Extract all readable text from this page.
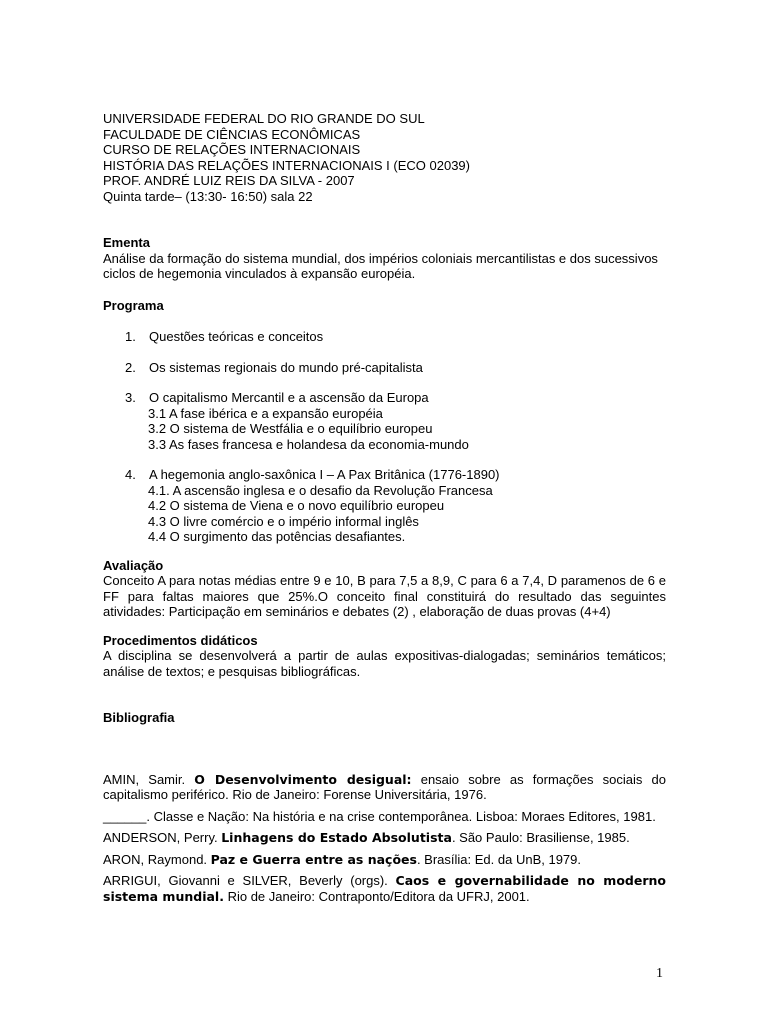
UNIVERSIDADE FEDERAL DO RIO GRANDE DO SUL
FACULDADE DE CIÊNCIAS ECONÔMICAS
CURSO DE RELAÇÕES INTERNACIONAIS
HISTÓRIA DAS RELAÇÕES INTERNACIONAIS I (ECO 02039)
PROF. ANDRÉ LUIZ REIS DA SILVA - 2007
Quinta tarde– (13:30- 16:50) sala 22
Ementa
Análise da formação do sistema mundial, dos impérios coloniais mercantilistas e dos sucessivos ciclos de hegemonia vinculados à expansão européia.
Programa
1. Questões teóricas e conceitos
2. Os sistemas regionais do mundo pré-capitalista
3. O capitalismo Mercantil e a ascensão da Europa
3.1 A fase ibérica e a expansão européia
3.2 O sistema de Westfália e o equilíbrio europeu
3.3 As fases francesa e holandesa da economia-mundo
4. A hegemonia anglo-saxônica I – A Pax Britânica (1776-1890)
4.1. A ascensão inglesa e o desafio da Revolução Francesa
4.2 O sistema de Viena e o novo equilíbrio europeu
4.3 O livre comércio e o império informal inglês
4.4 O surgimento das potências desafiantes.
Avaliação
Conceito A para notas médias entre 9 e 10, B para 7,5 a 8,9, C para 6 a 7,4, D paramenos de 6 e FF para faltas maiores que 25%.O conceito final constituirá do resultado das seguintes atividades: Participação em seminários e debates (2) , elaboração de duas provas (4+4)
Procedimentos didáticos
A disciplina se desenvolverá a partir de aulas expositivas-dialogadas; seminários temáticos; análise de textos; e pesquisas bibliográficas.
Bibliografia

AMIN, Samir. O Desenvolvimento desigual: ensaio sobre as formações sociais do capitalismo periférico. Rio de Janeiro: Forense Universitária, 1976.

______. Classe e Nação: Na história e na crise contemporânea. Lisboa: Moraes Editores, 1981.

ANDERSON, Perry. Linhagens do Estado Absolutista. São Paulo: Brasiliense, 1985.

ARON, Raymond. Paz e Guerra entre as nações. Brasília: Ed. da UnB, 1979.

ARRIGUI, Giovanni e SILVER, Beverly (orgs). Caos e governabilidade no moderno sistema mundial. Rio de Janeiro: Contraponto/Editora da UFRJ, 2001.

1
